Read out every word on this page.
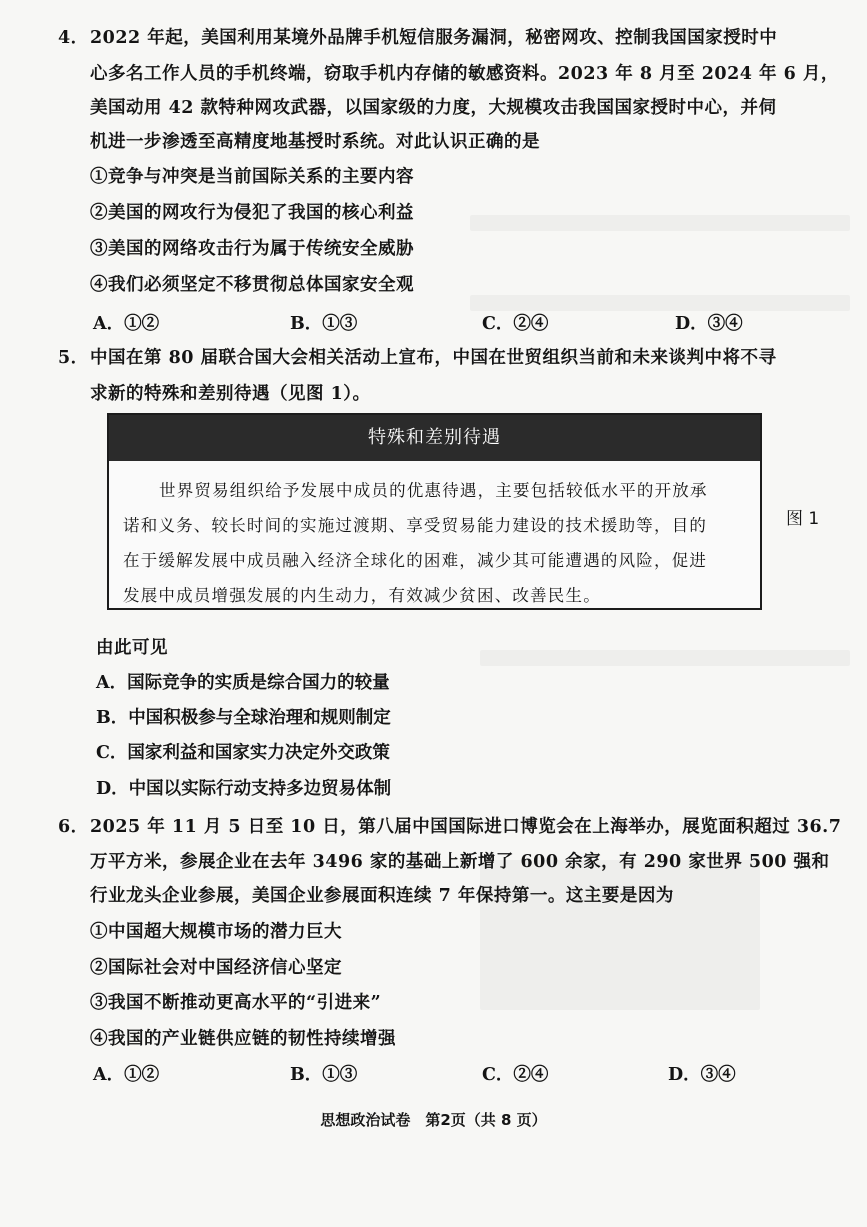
4． 2022 年起，美国利用某境外品牌手机短信服务漏洞，秘密网攻、控制我国国家授时中
心多名工作人员的手机终端，窃取手机内存储的敏感资料。2023 年 8 月至 2024 年 6 月，
美国动用 42 款特种网攻武器，以国家级的力度，大规模攻击我国国家授时中心，并伺
机进一步渗透至高精度地基授时系统。对此认识正确的是
①竞争与冲突是当前国际关系的主要内容
②美国的网攻行为侵犯了我国的核心利益
③美国的网络攻击行为属于传统安全威胁
④我们必须坚定不移贯彻总体国家安全观
A．①②	B．①③	C．②④	D．③④
5． 中国在第 80 届联合国大会相关活动上宣布，中国在世贸组织当前和未来谈判中将不寻
求新的特殊和差别待遇（见图 1）。
特殊和差别待遇
世界贸易组织给予发展中成员的优惠待遇，主要包括较低水平的开放承
诺和义务、较长时间的实施过渡期、享受贸易能力建设的技术援助等，目的
在于缓解发展中成员融入经济全球化的困难，减少其可能遭遇的风险，促进
发展中成员增强发展的内生动力，有效减少贫困、改善民生。
图 1
由此可见
A．国际竞争的实质是综合国力的较量
B．中国积极参与全球治理和规则制定
C．国家利益和国家实力决定外交政策
D．中国以实际行动支持多边贸易体制
6． 2025 年 11 月 5 日至 10 日，第八届中国国际进口博览会在上海举办，展览面积超过 36.7
万平方米，参展企业在去年 3496 家的基础上新增了 600 余家，有 290 家世界 500 强和
行业龙头企业参展，美国企业参展面积连续 7 年保持第一。这主要是因为
①中国超大规模市场的潜力巨大
②国际社会对中国经济信心坚定
③我国不断推动更高水平的“引进来”
④我国的产业链供应链的韧性持续增强
A．①②	B．①③	C．②④	D．③④
思想政治试卷　第2页（共 8 页）
